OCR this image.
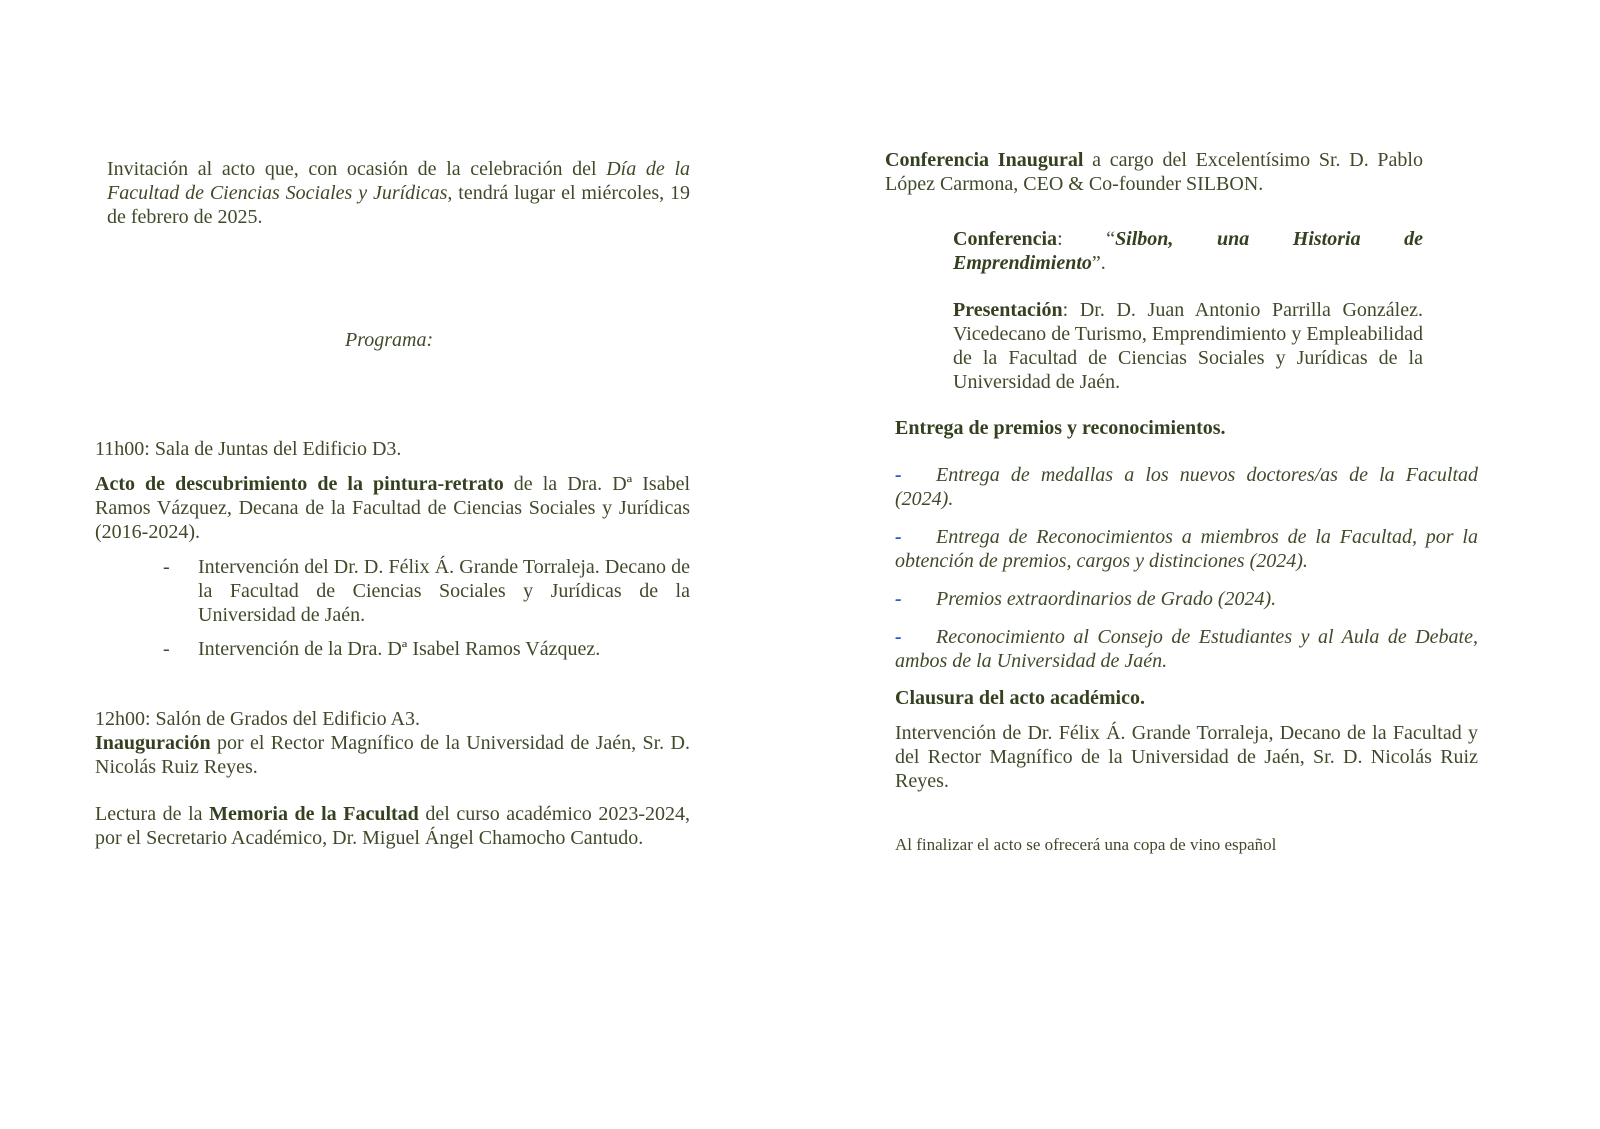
Invitación al acto que, con ocasión de la celebración del Día de la Facultad de Ciencias Sociales y Jurídicas, tendrá lugar el miércoles, 19 de febrero de 2025.
Programa:
11h00: Sala de Juntas del Edificio D3.
Acto de descubrimiento de la pintura-retrato de la Dra. Dª Isabel Ramos Vázquez, Decana de la Facultad de Ciencias Sociales y Jurídicas (2016-2024).
- Intervención del Dr. D. Félix Á. Grande Torraleja. Decano de la Facultad de Ciencias Sociales y Jurídicas de la Universidad de Jaén.
- Intervención de la Dra. Dª Isabel Ramos Vázquez.
12h00: Salón de Grados del Edificio A3.
Inauguración por el Rector Magnífico de la Universidad de Jaén, Sr. D. Nicolás Ruiz Reyes.
Lectura de la Memoria de la Facultad del curso académico 2023-2024, por el Secretario Académico, Dr. Miguel Ángel Chamocho Cantudo.
Conferencia Inaugural a cargo del Excelentísimo Sr. D. Pablo López Carmona, CEO & Co-founder SILBON.
Conferencia: “Silbon, una Historia de Emprendimiento”.
Presentación: Dr. D. Juan Antonio Parrilla González. Vicedecano de Turismo, Emprendimiento y Empleabilidad de la Facultad de Ciencias Sociales y Jurídicas de la Universidad de Jaén.
Entrega de premios y reconocimientos.
- Entrega de medallas a los nuevos doctores/as de la Facultad (2024).
- Entrega de Reconocimientos a miembros de la Facultad, por la obtención de premios, cargos y distinciones (2024).
- Premios extraordinarios de Grado (2024).
- Reconocimiento al Consejo de Estudiantes y al Aula de Debate, ambos de la Universidad de Jaén.
Clausura del acto académico.
Intervención de Dr. Félix Á. Grande Torraleja, Decano de la Facultad y del Rector Magnífico de la Universidad de Jaén, Sr. D. Nicolás Ruiz Reyes.
Al finalizar el acto se ofrecerá una copa de vino español
